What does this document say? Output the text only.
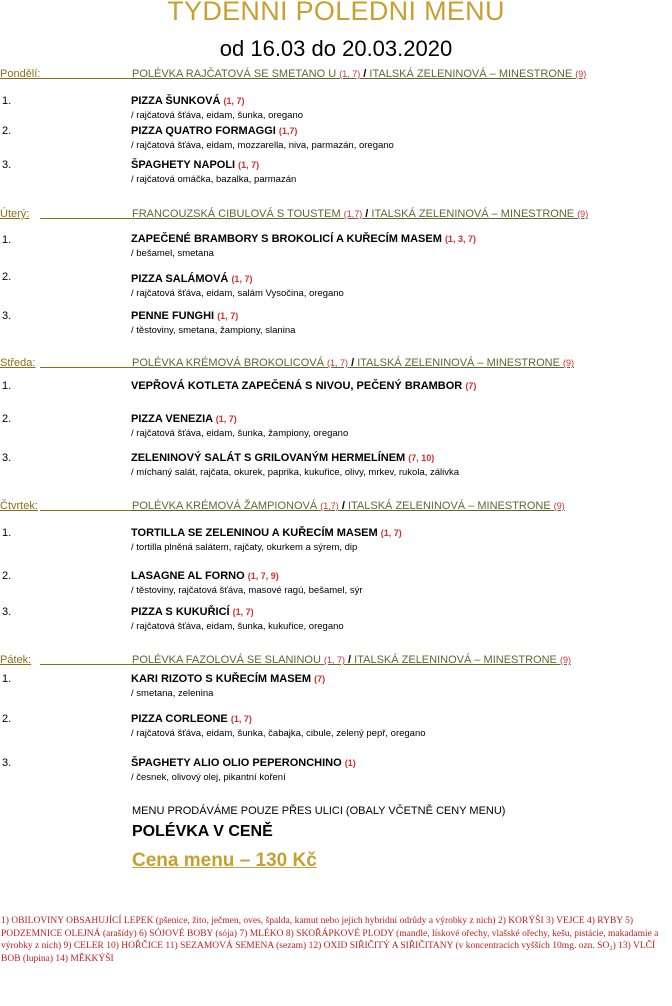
TYDENNI POLEDNI MENU
od 16.03 do 20.03.2020
Pondělí:	POLÉVKA RAJČATOVÁ SE SMETANO U (1, 7) / ITALSKÁ ZELENINOVÁ – MINESTRONE (9)
1.	PIZZA ŠUNKOVÁ (1, 7)
/ rajčatová šťáva, eidam, šunka, oregano
2.	PIZZA QUATRO FORMAGGI (1,7)
/ rajčatová šťáva, eidam, mozzarella, niva, parmazán, oregano
3.	ŠPAGHETY NAPOLI (1, 7)
/ rajčatová omáčka, bazalka, parmazán
Úterý:	FRANCOUZSKÁ CIBULOVÁ S TOUSTEM (1,7) / ITALSKÁ ZELENINOVÁ – MINESTRONE (9)
1.	ZAPEČENÉ BRAMBORY S BROKOLICÍ A KUŘECÍM MASEM (1, 3, 7)
/ bešamel, smetana
2.	PIZZA SALÁMOVÁ (1, 7)
/ rajčatová šťáva, eidam, salám Vysočina, oregano
3.	PENNE FUNGHI (1, 7)
/ těstoviny, smetana, žampiony, slanina
Středa:	POLÉVKA KRÉMOVÁ BROKOLICOVÁ (1, 7) / ITALSKÁ ZELENINOVÁ – MINESTRONE (9)
1.	VEPŘOVÁ KOTLETA ZAPEČENÁ S NIVOU, PEČENÝ BRAMBOR (7)
2.	PIZZA VENEZIA (1, 7)
/ rajčatová šťáva, eidam, šunka, žampiony, oregano
3.	ZELENINOVÝ SALÁT S GRILOVANÝM HERMELÍNEM (7, 10)
/ míchaný salát, rajčata, okurek, paprika, kukuřice, olivy, mrkev, rukola, zálivka
Čtvrtek:	POLÉVKA KRÉMOVÁ ŽAMPIONOVÁ (1,7) / ITALSKÁ ZELENINOVÁ – MINESTRONE (9)
1.	TORTILLA SE ZELENINOU A KUŘECÍM MASEM (1, 7)
/ tortilla plněná salátem, rajčaty, okurkem a sýrem, dip
2.	LASAGNE AL FORNO (1, 7, 9)
/ těstoviny, rajčatová šťáva, masové ragú, bešamel, sýr
3.	PIZZA S KUKUŘICÍ (1, 7)
/ rajčatová šťáva, eidam, šunka, kukuřice, oregano
Pátek:	POLÉVKA FAZOLOVÁ SE SLANINOU (1, 7) / ITALSKÁ ZELENINOVÁ – MINESTRONE (9)
1.	KARI RIZOTO S KUŘECÍM MASEM (7)
/ smetana, zelenina
2.	PIZZA CORLEONE (1, 7)
/ rajčatová šťáva, eidam, šunka, čabajka, cibule, zelený pepř, oregano
3.	ŠPAGHETY ALIO OLIO PEPERONCHINO (1)
/ česnek, olivový olej, pikantní koření
MENU PRODÁVÁME POUZE PŘES ULICI (OBALY VČETNĚ CENY MENU)
POLÉVKA V CENĚ
Cena menu – 130 Kč
1) OBILOVINY OBSAHUJÍCÍ LEPEK (pšenice, žito, ječmen, oves, špalda, kamut nebo jejich hybridní odrůdy a výrobky z nich) 2) KORÝŠI 3) VEJCE 4) RYBY 5) PODZEMNICE OLEJNÁ (arašídy) 6) SÓJOVÉ BOBY (sója) 7) MLÉKO 8) SKOŘÁPKOVÉ PLODY (mandle, lískové ořechy, vlašské ořechy, kešu, pistácie, makadamie a výrobky z nich) 9) CELER 10) HOŘČICE 11) SEZAMOVÁ SEMENA (sezam) 12) OXID SIŘIČITÝ A SIŘIČITANY (v koncentracích vyšších 10mg. ozn. SO₂) 13) VLČÍ BOB (lupina) 14) MĚKKÝŠI
